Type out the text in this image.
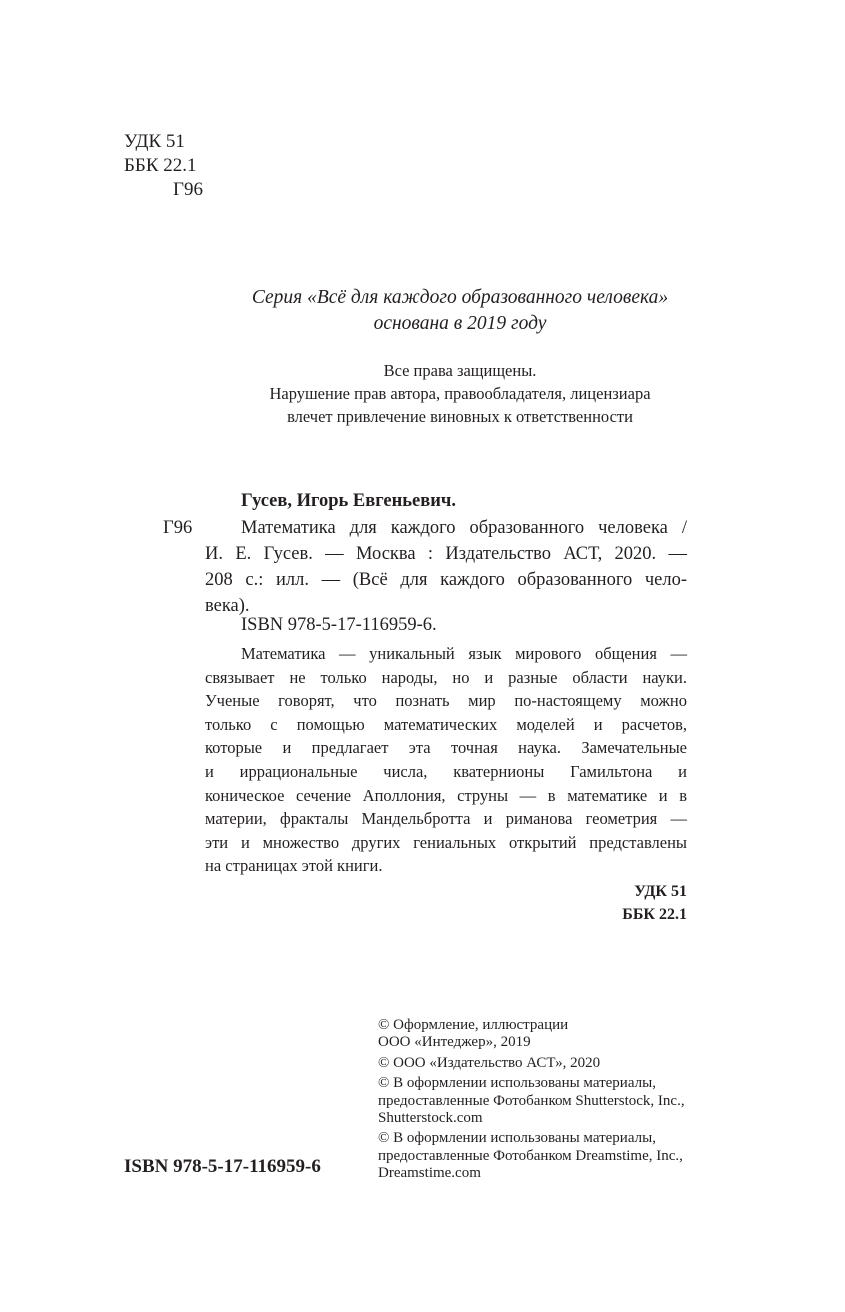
УДК 51
ББК 22.1
Г96
Серия «Всё для каждого образованного человека»
основана в 2019 году
Все права защищены.
Нарушение прав автора, правообладателя, лицензиара
влечет привлечение виновных к ответственности
Гусев, Игорь Евгеньевич.
Г96	Математика для каждого образованного человека /
И. Е. Гусев. — Москва : Издательство АСТ, 2020. —
208 с.: илл. — (Всё для каждого образованного чело-
века).
ISBN 978-5-17-116959-6.
Математика — уникальный язык мирового общения —
связывает не только народы, но и разные области науки.
Ученые говорят, что познать мир по-настоящему можно
только с помощью математических моделей и расчетов,
которые и предлагает эта точная наука. Замечательные
и иррациональные числа, кватернионы Гамильтона и
коническое сечение Аполлония, струны — в математике и в
материи, фракталы Мандельбротта и риманова геометрия —
эти и множество других гениальных открытий представлены
на страницах этой книги.
УДК 51
ББК 22.1
© Оформление, иллюстрации
ООО «Интеджер», 2019
© ООО «Издательство АСТ», 2020
© В оформлении использованы материалы,
предоставленные Фотобанком Shutterstock, Inc.,
Shutterstock.com
© В оформлении использованы материалы,
предоставленные Фотобанком Dreamstime, Inc.,
Dreamstime.com
ISBN 978-5-17-116959-6
